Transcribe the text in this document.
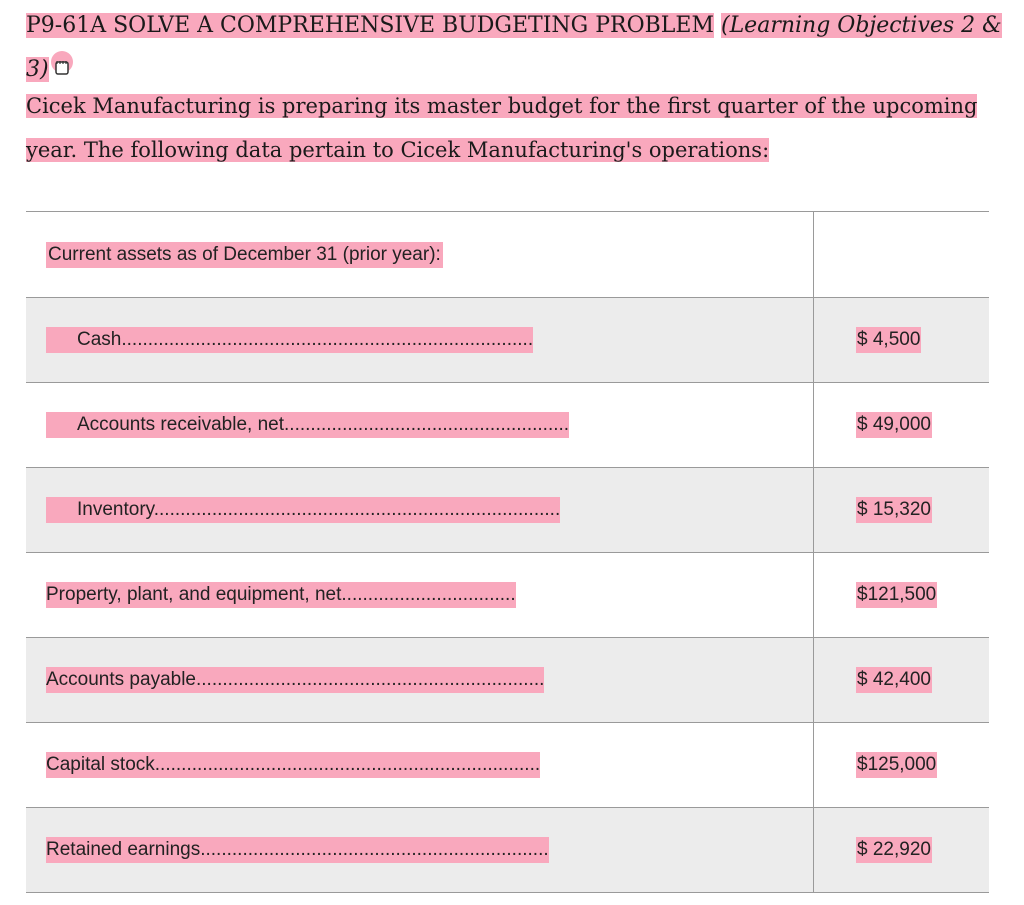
P9-61A SOLVE A COMPREHENSIVE BUDGETING PROBLEM (Learning Objectives 2 & 3)

Cicek Manufacturing is preparing its master budget for the first quarter of the upcoming year. The following data pertain to Cicek Manufacturing's operations:

Current assets as of December 31 (prior year):	
Cash..............................................................................	$ 4,500
Accounts receivable, net......................................................	$ 49,000
Inventory.............................................................................	$ 15,320
Property, plant, and equipment, net.................................	$121,500
Accounts payable..................................................................	$ 42,400
Capital stock.........................................................................	$125,000
Retained earnings..................................................................	$ 22,920
